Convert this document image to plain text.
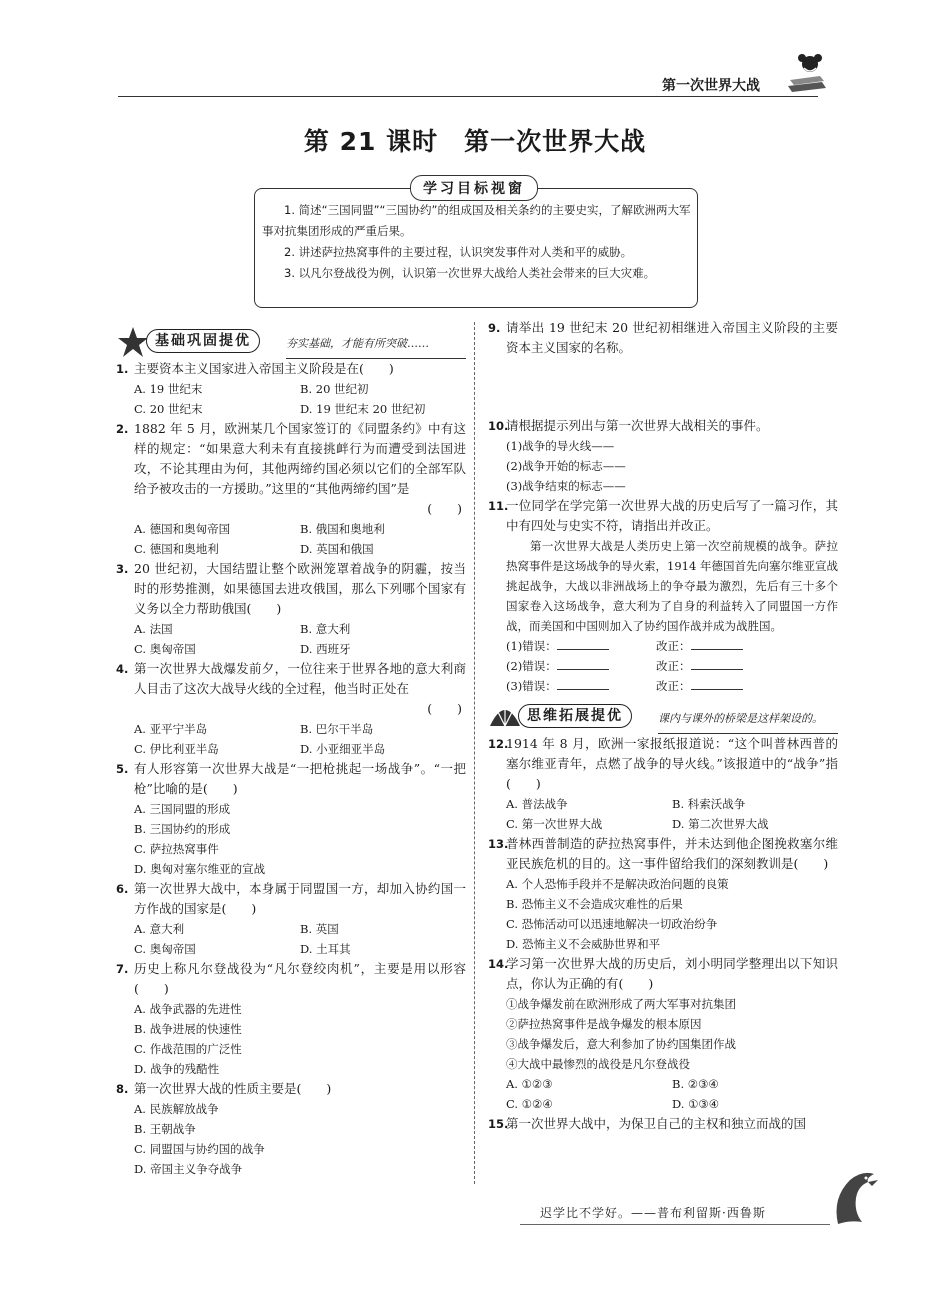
第一次世界大战
第 21 课时　第一次世界大战
学习目标视窗

1. 简述“三国同盟”“三国协约”的组成国及相关条约的主要史实，了解欧洲两大军事对抗集团形成的严重后果。

2. 讲述萨拉热窝事件的主要过程，认识突发事件对人类和平的威胁。

3. 以凡尔登战役为例，认识第一次世界大战给人类社会带来的巨大灾难。

基础巩固提优	夯实基础，才能有所突破……
1. 主要资本主义国家进入帝国主义阶段是在(　　)
A. 19 世纪末	B. 20 世纪初
C. 20 世纪末	D. 19 世纪末 20 世纪初
2. 1882 年 5 月，欧洲某几个国家签订的《同盟条约》中有这样的规定：“如果意大利未有直接挑衅行为而遭受到法国进攻，不论其理由为何，其他两缔约国必须以它们的全部军队给予被攻击的一方援助。”这里的“其他两缔约国”是
(　　)
A. 德国和奥匈帝国	B. 俄国和奥地利
C. 德国和奥地利	D. 英国和俄国
3. 20 世纪初，大国结盟让整个欧洲笼罩着战争的阴霾，按当时的形势推测，如果德国去进攻俄国，那么下列哪个国家有义务以全力帮助俄国(　　)
A. 法国	B. 意大利
C. 奥匈帝国	D. 西班牙
4. 第一次世界大战爆发前夕，一位往来于世界各地的意大利商人目击了这次大战导火线的全过程，他当时正处在
(　　)
A. 亚平宁半岛	B. 巴尔干半岛
C. 伊比利亚半岛	D. 小亚细亚半岛
5. 有人形容第一次世界大战是“一把枪挑起一场战争”。“一把枪”比喻的是(　　)
A. 三国同盟的形成
B. 三国协约的形成
C. 萨拉热窝事件
D. 奥匈对塞尔维亚的宣战
6. 第一次世界大战中，本身属于同盟国一方，却加入协约国一方作战的国家是(　　)
A. 意大利	B. 英国
C. 奥匈帝国	D. 土耳其
7. 历史上称凡尔登战役为“凡尔登绞肉机”，主要是用以形容(　　)
A. 战争武器的先进性
B. 战争进展的快速性
C. 作战范围的广泛性
D. 战争的残酷性
8. 第一次世界大战的性质主要是(　　)
A. 民族解放战争
B. 王朝战争
C. 同盟国与协约国的战争
D. 帝国主义争夺战争
9. 请举出 19 世纪末 20 世纪初相继进入帝国主义阶段的主要资本主义国家的名称。
10.
请根据提示列出与第一次世界大战相关的事件。
(1)战争的导火线——
(2)战争开始的标志——
(3)战争结束的标志——
11.
一位同学在学完第一次世界大战的历史后写了一篇习作，其中有四处与史实不符，请指出并改正。
第一次世界大战是人类历史上第一次空前规模的战争。萨拉热窝事件是这场战争的导火索，1914 年德国首先向塞尔维亚宣战挑起战争，大战以非洲战场上的争夺最为激烈，先后有三十多个国家卷入这场战争，意大利为了自身的利益转入了同盟国一方作战，而美国和中国则加入了协约国作战并成为战胜国。
(1)错误：	改正：
(2)错误：	改正：
(3)错误：	改正：
思维拓展提优	课内与课外的桥梁是这样架设的。
12.
1914 年 8 月，欧洲一家报纸报道说：“这个叫普林西普的塞尔维亚青年，点燃了战争的导火线。”该报道中的“战争”指(　　)
A. 普法战争	B. 科索沃战争
C. 第一次世界大战	D. 第二次世界大战
13.
普林西普制造的萨拉热窝事件，并未达到他企图挽救塞尔维亚民族危机的目的。这一事件留给我们的深刻教训是(　　)
A. 个人恐怖手段并不是解决政治问题的良策
B. 恐怖主义不会造成灾难性的后果
C. 恐怖活动可以迅速地解决一切政治纷争
D. 恐怖主义不会威胁世界和平
14.
学习第一次世界大战的历史后，刘小明同学整理出以下知识点，你认为正确的有(　　)
①战争爆发前在欧洲形成了两大军事对抗集团
②萨拉热窝事件是战争爆发的根本原因
③战争爆发后，意大利参加了协约国集团作战
④大战中最惨烈的战役是凡尔登战役
A. ①②③	B. ②③④
C. ①②④	D. ①③④
15.
第一次世界大战中，为保卫自己的主权和独立而战的国
迟学比不学好。——普布利留斯·西鲁斯
